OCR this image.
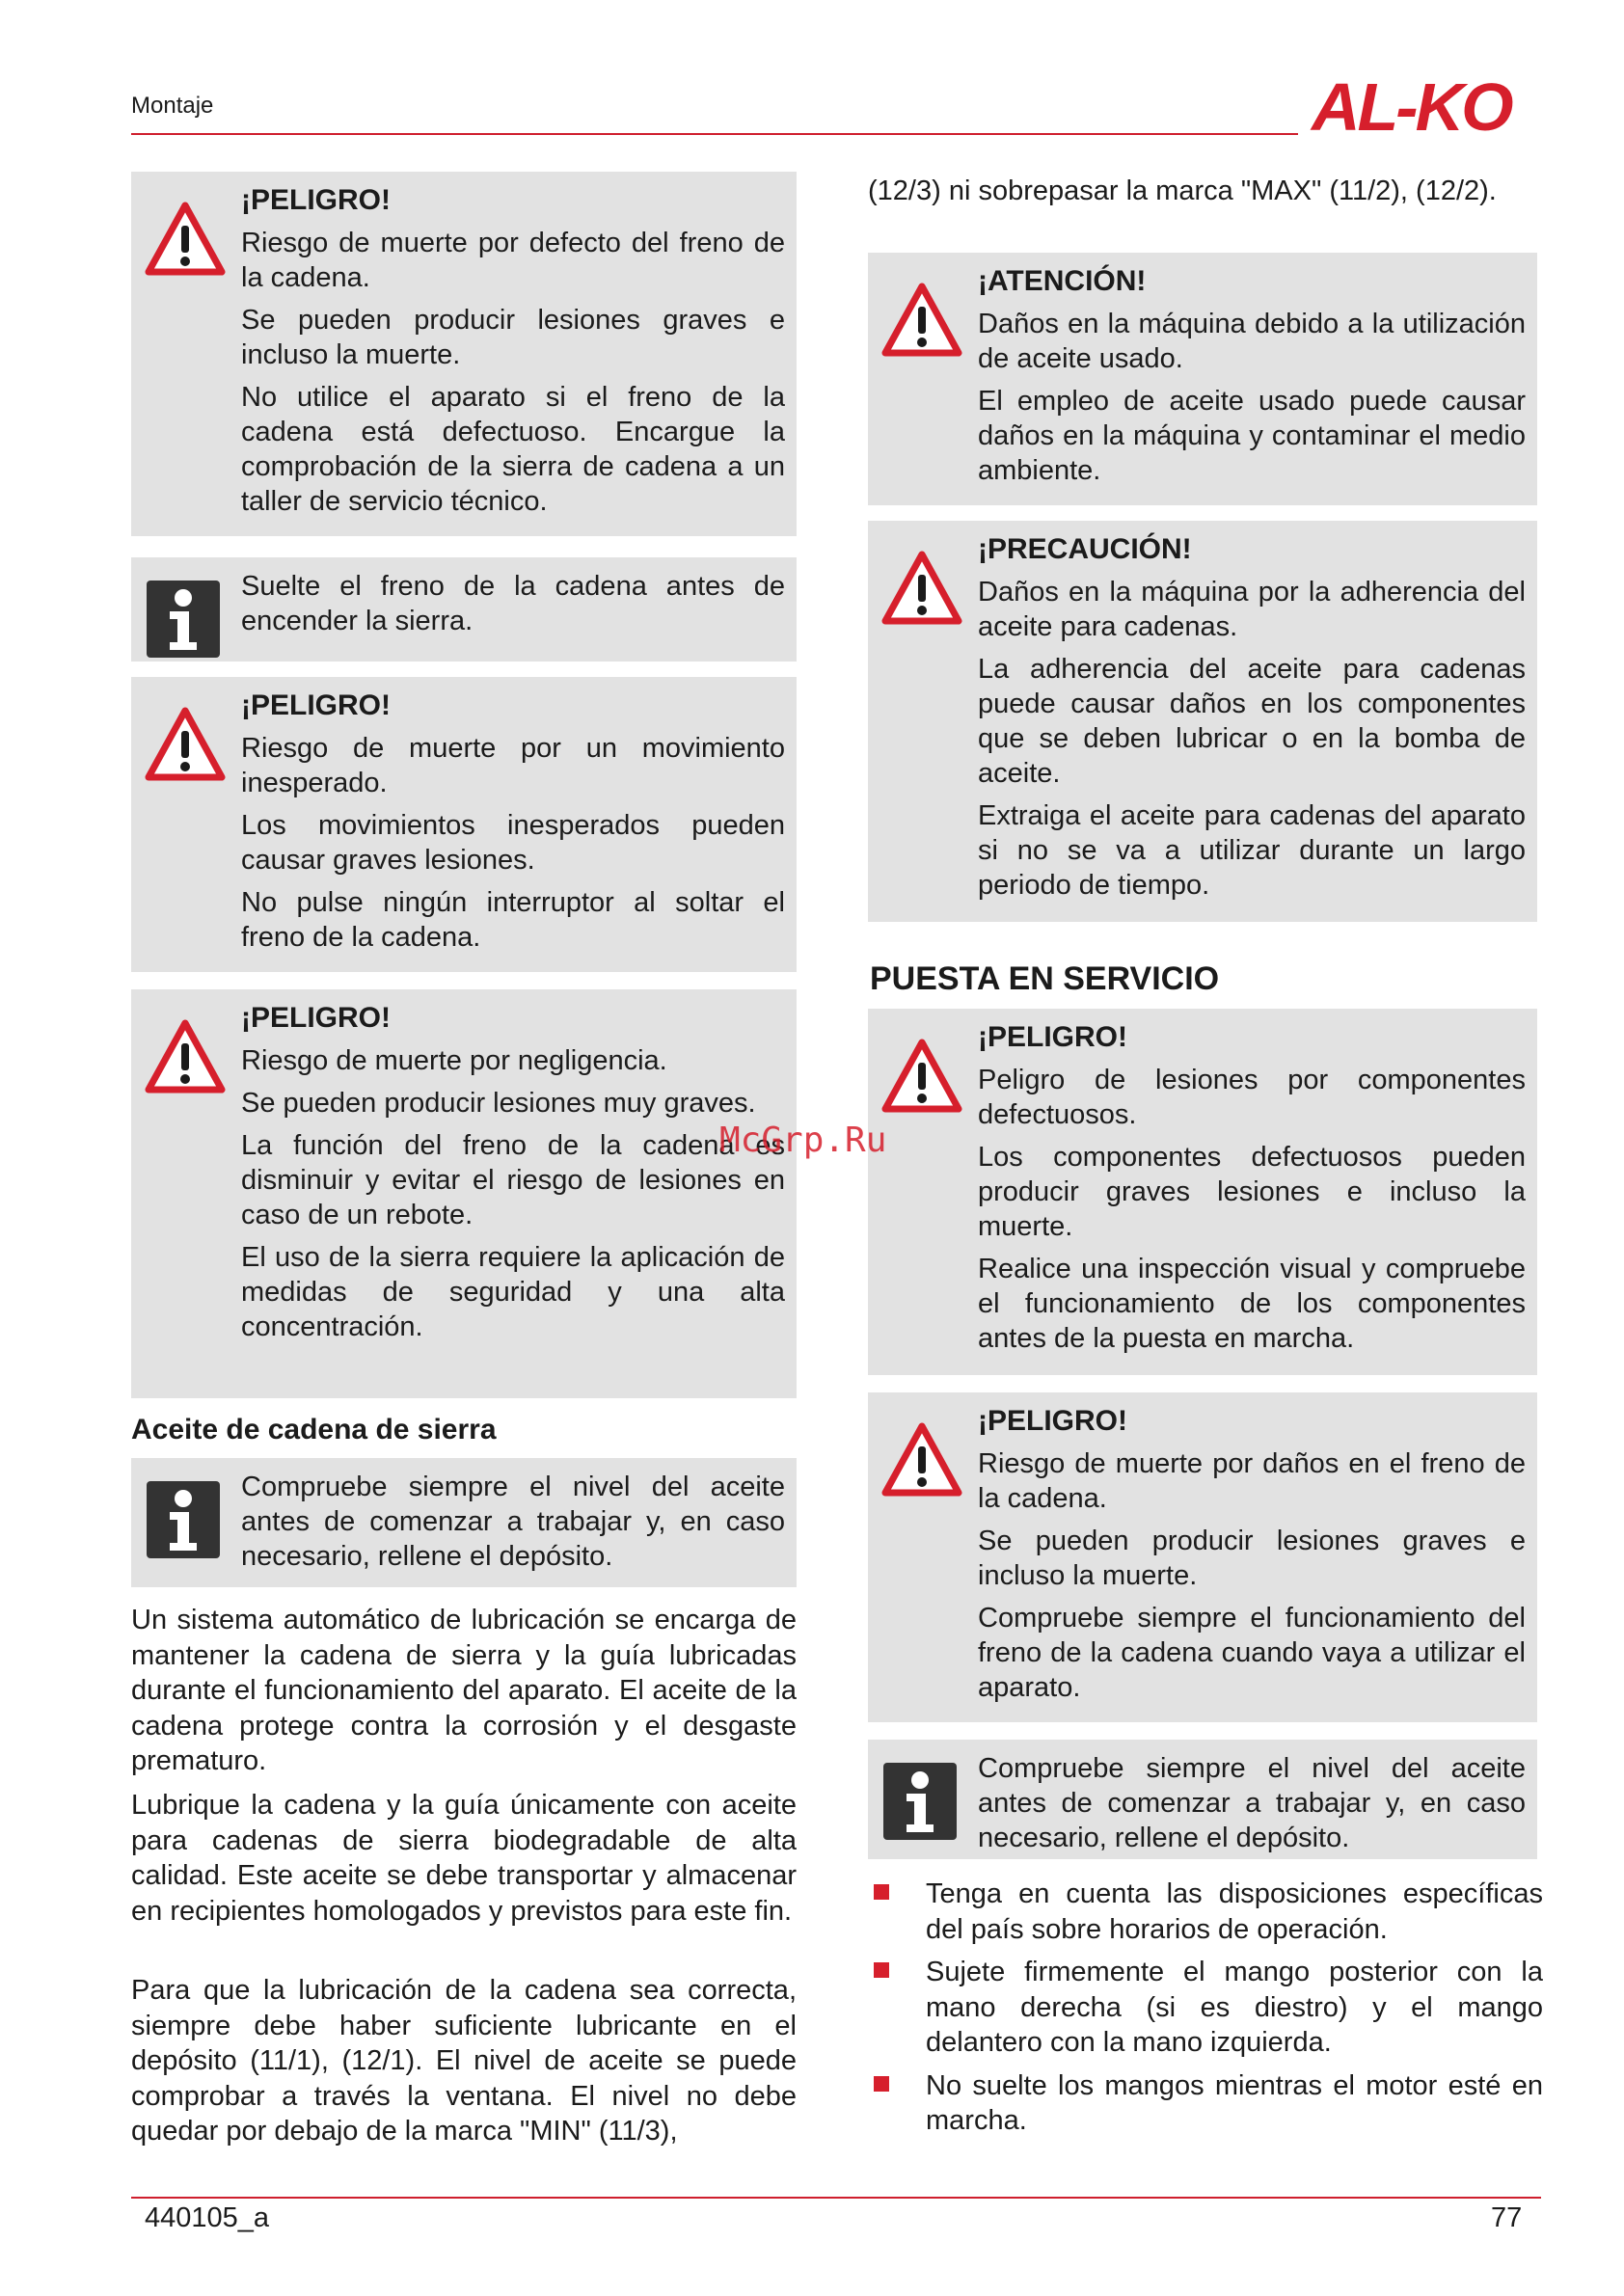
Montaje	AL-KO
¡PELIGRO!

Riesgo de muerte por defecto del freno de la cadena.

Se pueden producir lesiones graves e incluso la muerte.

No utilice el aparato si el freno de la cadena está defectuoso. Encargue la comprobación de la sierra de cadena a un taller de servicio técnico.

Suelte el freno de la cadena antes de encender la sierra.

¡PELIGRO!

Riesgo de muerte por un movimiento inesperado.

Los movimientos inesperados pueden causar graves lesiones.

No pulse ningún interruptor al soltar el freno de la cadena.

¡PELIGRO!

Riesgo de muerte por negligencia.

Se pueden producir lesiones muy graves.

La función del freno de la cadena es disminuir y evitar el riesgo de lesiones en caso de un rebote.

El uso de la sierra requiere la aplicación de medidas de seguridad y una alta concentración.

Aceite de cadena de sierra

Compruebe siempre el nivel del aceite antes de comenzar a trabajar y, en caso necesario, rellene el depósito.

Un sistema automático de lubricación se encarga de mantener la cadena de sierra y la guía lubricadas durante el funcionamiento del aparato. El aceite de la cadena protege contra la corrosión y el desgaste prematuro.

Lubrique la cadena y la guía únicamente con aceite para cadenas de sierra biodegradable de alta calidad. Este aceite se debe transportar y almacenar en recipientes homologados y previstos para este fin.

Para que la lubricación de la cadena sea correcta, siempre debe haber suficiente lubricante en el depósito (11/1), (12/1). El nivel de aceite se puede comprobar a través la ventana. El nivel no debe quedar por debajo de la marca "MIN" (11/3),

(12/3) ni sobrepasar la marca "MAX" (11/2), (12/2).

¡ATENCIÓN!

Daños en la máquina debido a la utilización de aceite usado.

El empleo de aceite usado puede causar daños en la máquina y contaminar el medio ambiente.

¡PRECAUCIÓN!

Daños en la máquina por la adherencia del aceite para cadenas.

La adherencia del aceite para cadenas puede causar daños en los componentes que se deben lubricar o en la bomba de aceite.

Extraiga el aceite para cadenas del aparato si no se va a utilizar durante un largo periodo de tiempo.

PUESTA EN SERVICIO
¡PELIGRO!

Peligro de lesiones por componentes defectuosos.

Los componentes defectuosos pueden producir graves lesiones e incluso la muerte.

Realice una inspección visual y compruebe el funcionamiento de los componentes antes de la puesta en marcha.

¡PELIGRO!

Riesgo de muerte por daños en el freno de la cadena.

Se pueden producir lesiones graves e incluso la muerte.

Compruebe siempre el funcionamiento del freno de la cadena cuando vaya a utilizar el aparato.

Compruebe siempre el nivel del aceite antes de comenzar a trabajar y, en caso necesario, rellene el depósito.

Tenga en cuenta las disposiciones específicas del país sobre horarios de operación.
Sujete firmemente el mango posterior con la mano derecha (si es diestro) y el mango delantero con la mano izquierda.
No suelte los mangos mientras el motor esté en marcha.
McGrp.Ru
440105_a	77
